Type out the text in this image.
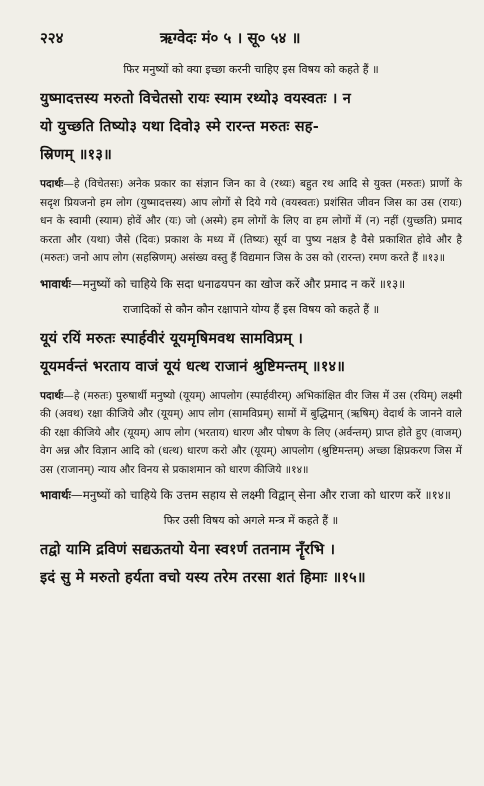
२२४	ऋग्वेदः मं० ५ । सू० ५४ ॥
फिर मनुष्यों को क्या इच्छा करनी चाहिए इस विषय को कहते हैं ॥
युष्मादत्तस्य मरुतो विचेतसो रायः स्याम रथ्यो३ वयस्वतः । न
यो युच्छति तिष्यो३ यथा दिवो३ स्मे रारन्त मरुतः सह-
स्रिणम् ॥१३॥
पदार्थः—हे (विचेतसः) अनेक प्रकार का संज्ञान जिन का वे (रथ्यः) बहुत रथ आदि से युक्त (मरुतः) प्राणों के सदृश प्रियजनो हम लोग (युष्मादत्तस्य) आप लोगों से दिये गये (वयस्वतः) प्रशंसित जीवन जिस का उस (रायः) धन के स्वामी (स्याम) होवें और (यः) जो (अस्मे) हम लोगों के लिए वा हम लोगों में (न) नहीं (युच्छति) प्रमाद करता और (यथा) जैसे (दिवः) प्रकाश के मध्य में (तिष्यः) सूर्य वा पुष्य नक्षत्र है वैसे प्रकाशित होवे और है (मरुतः) जनो आप लोग (सहस्रिणम्) असंख्य वस्तु हैं विद्यमान जिस के उस को (रारन्त) रमण करते हैं ॥१३॥
भावार्थः—मनुष्यों को चाहिये कि सदा धनाढयपन का खोज करें और प्रमाद न करें ॥१३॥
राजादिकों से कौन कौन रक्षापाने योग्य हैं इस विषय को कहते हैं ॥
यूयं रयिं मरुतः स्पार्हवीरं यूयमृषिमवथ सामविप्रम् ।
यूयमर्वन्तं भरताय वाजं यूयं धत्थ राजानं श्रुष्टिमन्तम् ॥१४॥
पदार्थः—हे (मरुतः) पुरुषार्थी मनुष्यो (यूयम्) आपलोग (स्पार्हवीरम्) अभिकांक्षित वीर जिस में उस (रयिम्) लक्ष्मी की (अवथ) रक्षा कीजिये और (यूयम्) आप लोग (सामविप्रम्) सामों में बुद्धिमान् (ऋषिम्) वेदार्थ के जानने वाले की रक्षा कीजिये और (यूयम्) आप लोग (भरताय) धारण और पोषण के लिए (अर्वन्तम्) प्राप्त होते हुए (वाजम्) वेग अन्न और विज्ञान आदि को (धत्थ) धारण करो और (यूयम्) आपलोग (श्रुष्टिमन्तम्) अच्छा क्षिप्रकरण जिस में उस (राजानम्) न्याय और विनय से प्रकाशमान को धारण कीजिये ॥१४॥
भावार्थः—मनुष्यों को चाहिये कि उत्तम सहाय से लक्ष्मी विद्वान् सेना और राजा को धारण करें ॥१४॥
फिर उसी विषय को अगले मन्त्र में कहते हैं ॥
तद्वो यामि द्रविणं सद्यऊतयो येना स्व१र्ण ततनाम नॄँरभि ।
इदं सु मे मरुतो हर्यता वचो यस्य तरेम तरसा शतं हिमाः ॥१५॥
